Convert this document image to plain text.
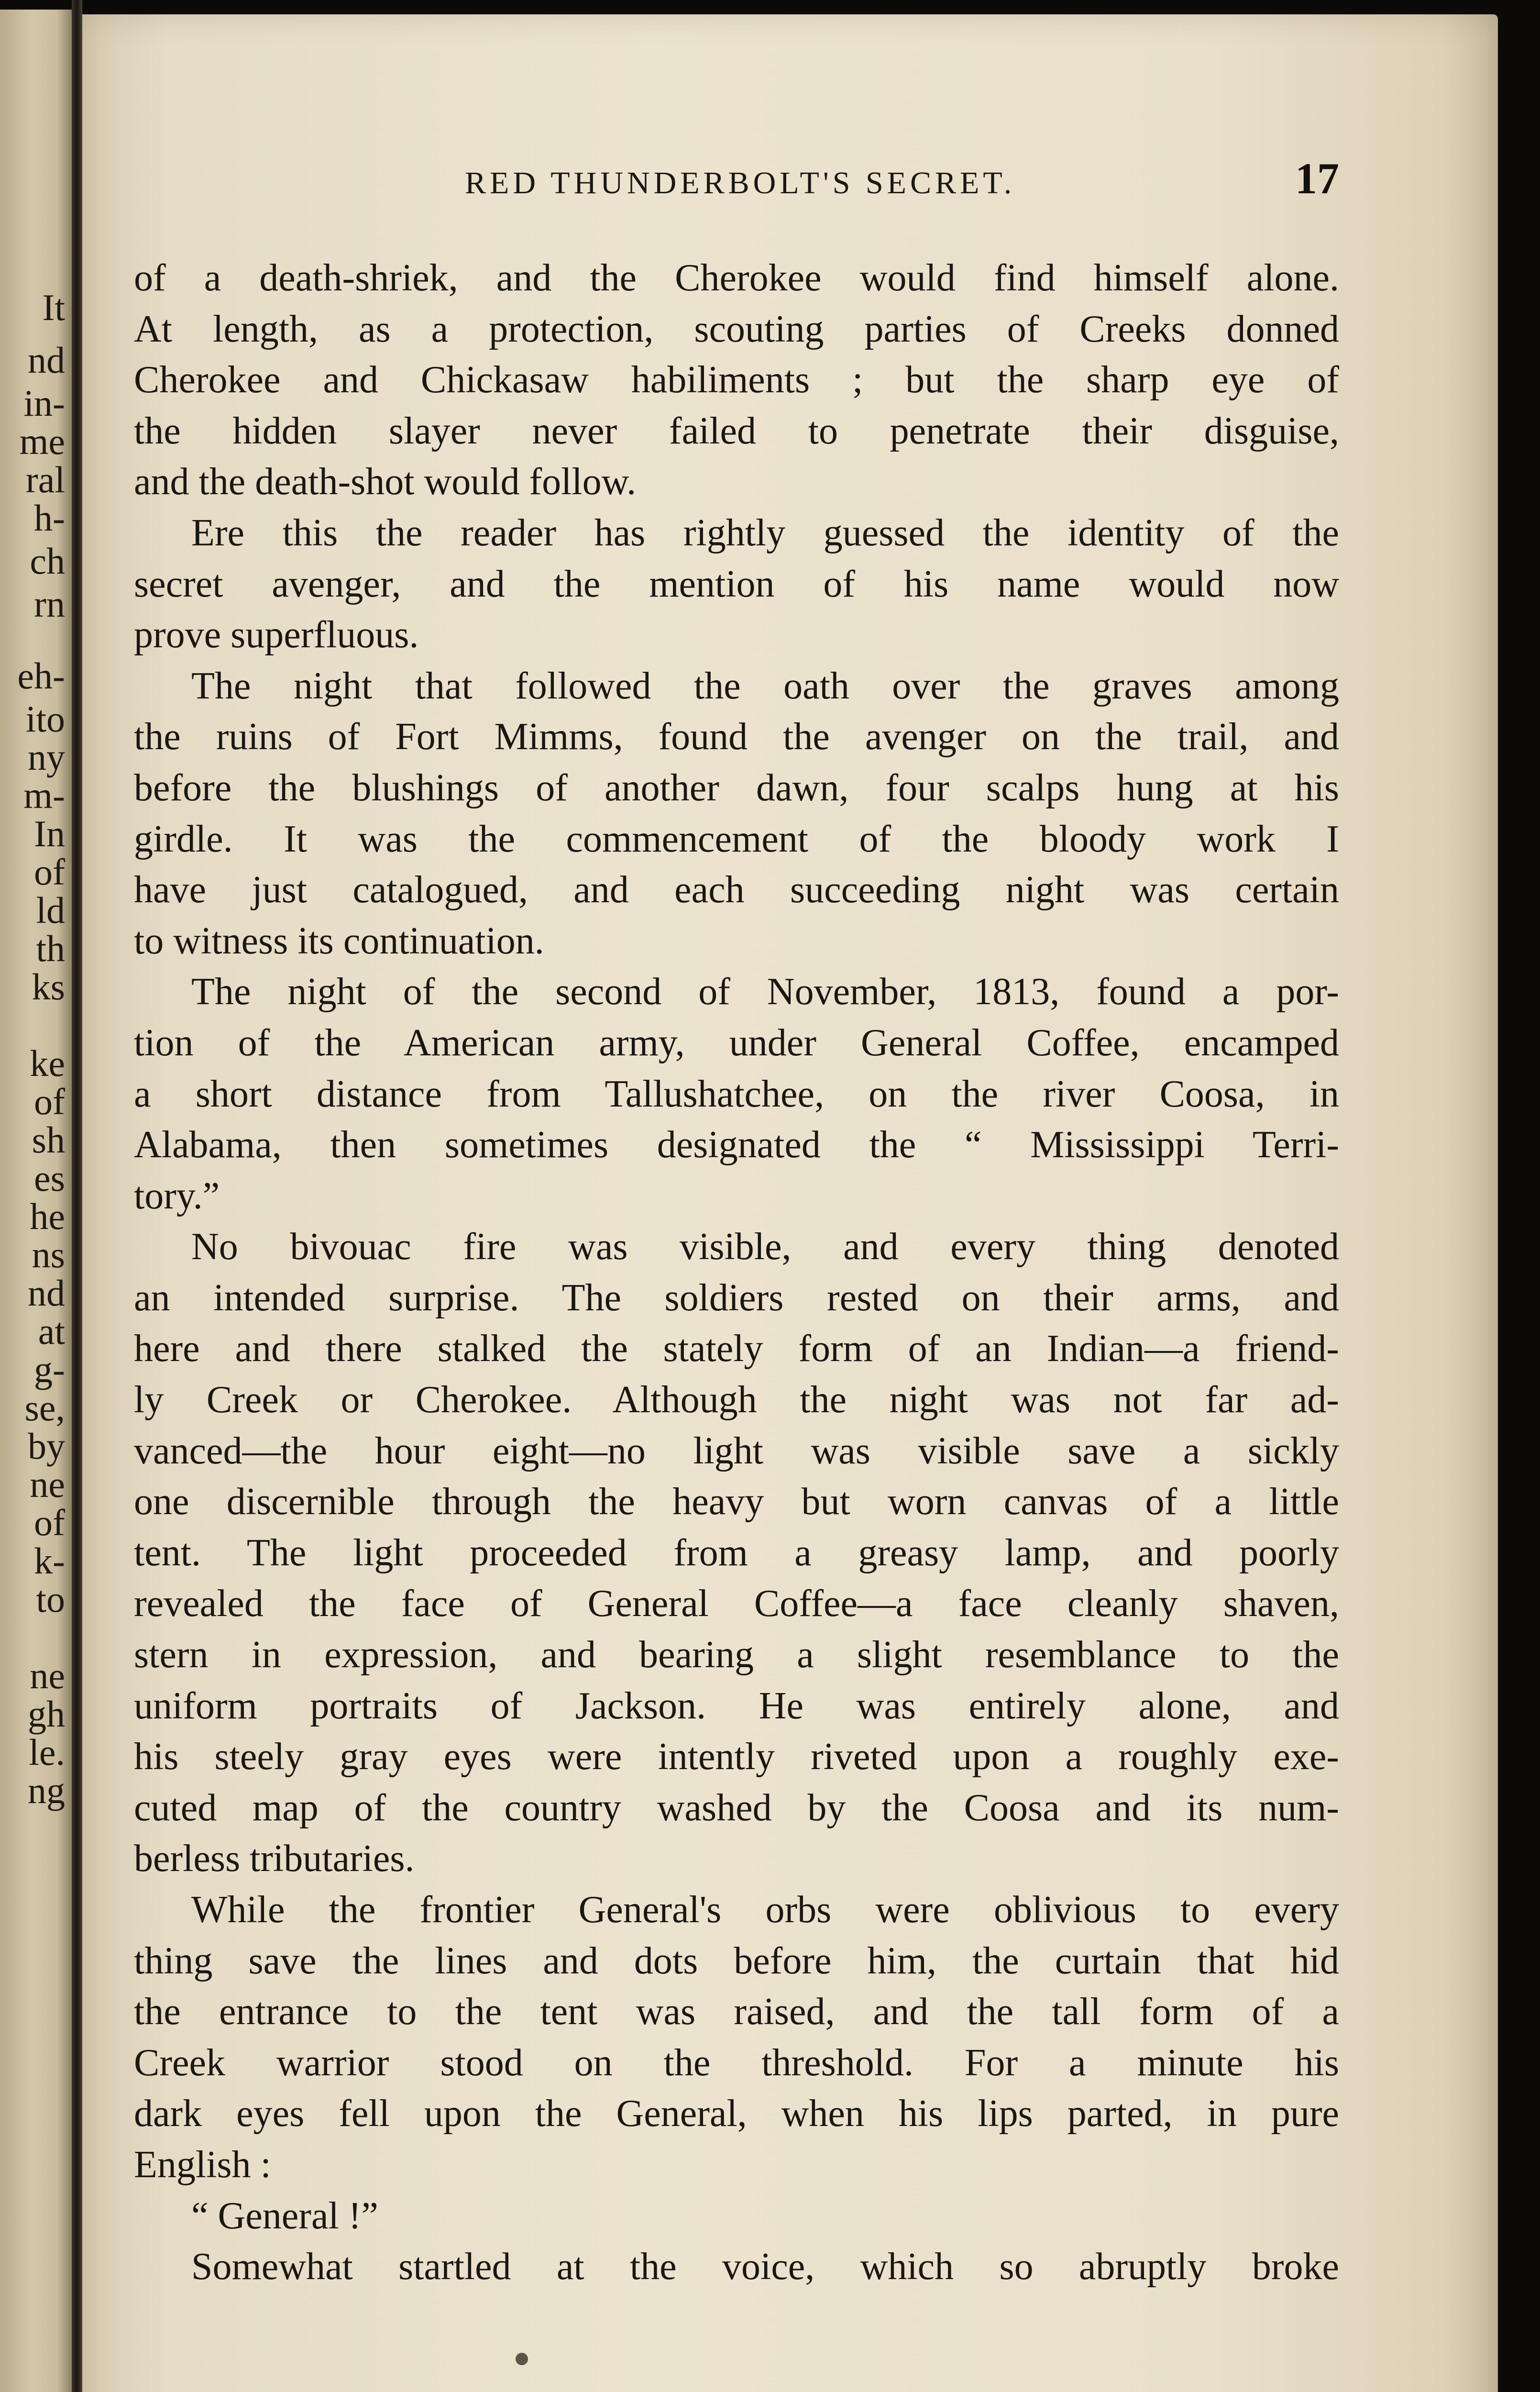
It
nd
in-
me
ral
h-
ch
rn
eh-
ito
ny
m-
In
of
ld
th
ks
ke
of
sh
es
he
ns
nd
at
g-
se,
by
ne
of
k-
to
ne
gh
le.
ng
RED THUNDERBOLT'S SECRET.	17
of a death-shriek, and the Cherokee would find himself alone.
At length, as a protection, scouting parties of Creeks donned
Cherokee and Chickasaw habiliments ; but the sharp eye of
the hidden slayer never failed to penetrate their disguise,
and the death-shot would follow.
Ere this the reader has rightly guessed the identity of the
secret avenger, and the mention of his name would now
prove superfluous.
The night that followed the oath over the graves among
the ruins of Fort Mimms, found the avenger on the trail, and
before the blushings of another dawn, four scalps hung at his
girdle. It was the commencement of the bloody work I
have just catalogued, and each succeeding night was certain
to witness its continuation.
The night of the second of November, 1813, found a por-
tion of the American army, under General Coffee, encamped
a short distance from Tallushatchee, on the river Coosa, in
Alabama, then sometimes designated the “ Mississippi Terri-
tory.”
No bivouac fire was visible, and every thing denoted
an intended surprise. The soldiers rested on their arms, and
here and there stalked the stately form of an Indian—a friend-
ly Creek or Cherokee. Although the night was not far ad-
vanced—the hour eight—no light was visible save a sickly
one discernible through the heavy but worn canvas of a little
tent. The light proceeded from a greasy lamp, and poorly
revealed the face of General Coffee—a face cleanly shaven,
stern in expression, and bearing a slight resemblance to the
uniform portraits of Jackson. He was entirely alone, and
his steely gray eyes were intently riveted upon a roughly exe-
cuted map of the country washed by the Coosa and its num-
berless tributaries.
While the frontier General's orbs were oblivious to every
thing save the lines and dots before him, the curtain that hid
the entrance to the tent was raised, and the tall form of a
Creek warrior stood on the threshold. For a minute his
dark eyes fell upon the General, when his lips parted, in pure
English :
“ General !”
Somewhat startled at the voice, which so abruptly broke
